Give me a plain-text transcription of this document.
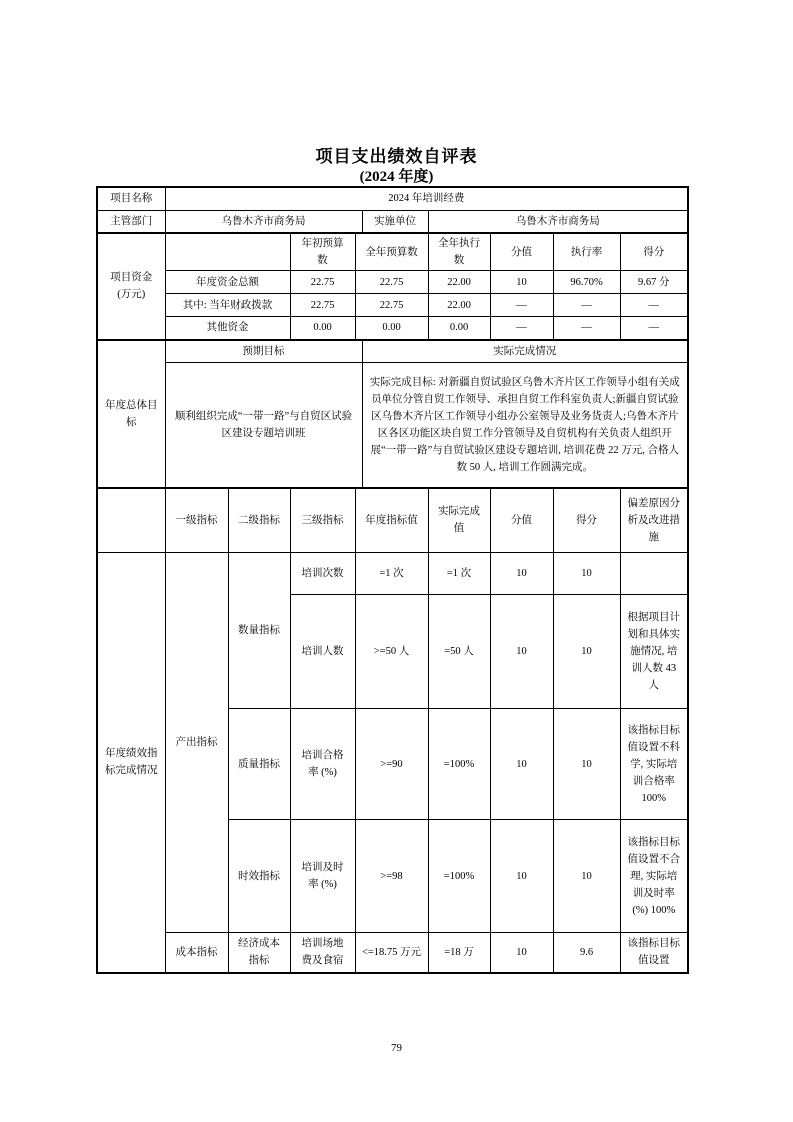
项目支出绩效自评表
(2024 年度)
项目名称	2024 年培训经费								
主管部门	乌鲁木齐市商务局				实施单位	乌鲁木齐市商务局			
项目资金(万元)			年初预算数	全年预算数		全年执行数	分值	执行率	得分
	年度资金总额		22.75	22.75		22.00	10	96.70%	9.67 分
	其中: 当年财政拨款		22.75	22.75		22.00	—	—	—
	其他资金		0.00	0.00		0.00	—	—	—
年度总体目标	预期目标				实际完成情况				
	顺利组织完成“一带一路”与自贸区试验区建设专题培训班				实际完成目标: 对新疆自贸试验区乌鲁木齐片区工作领导小组有关成员单位分管自贸工作领导、承担自贸工作科室负责人;新疆自贸试验区乌鲁木齐片区工作领导小组办公室领导及业务货责人;乌鲁木齐片区各区功能区块自贸工作分管领导及自贸机构有关负责人组织开展“一带一路”与自贸试验区建设专题培训, 培训花费 22 万元, 合格人数 50 人, 培训工作圆满完成。				
	一级指标	二级指标	三级指标	年度指标值		实际完成值	分值	得分	偏差原因分析及改进措施
年度绩效指标完成情况	产出指标	数量指标	培训次数	=1 次		=1 次	10	10	
			培训人数	>=50 人		=50 人	10	10	根据项目计划和具体实施情况, 培训人数 43 人
		质量指标	培训合格率 (%)	>=90		=100%	10	10	该指标目标值设置不科学, 实际培训合格率 100%
		时效指标	培训及时率 (%)	>=98		=100%	10	10	该指标目标值设置不合理, 实际培训及时率 (%) 100%
	成本指标	经济成本指标	培训场地费及食宿	<=18.75 万元		=18 万	10	9.6	该指标目标值设置
79
